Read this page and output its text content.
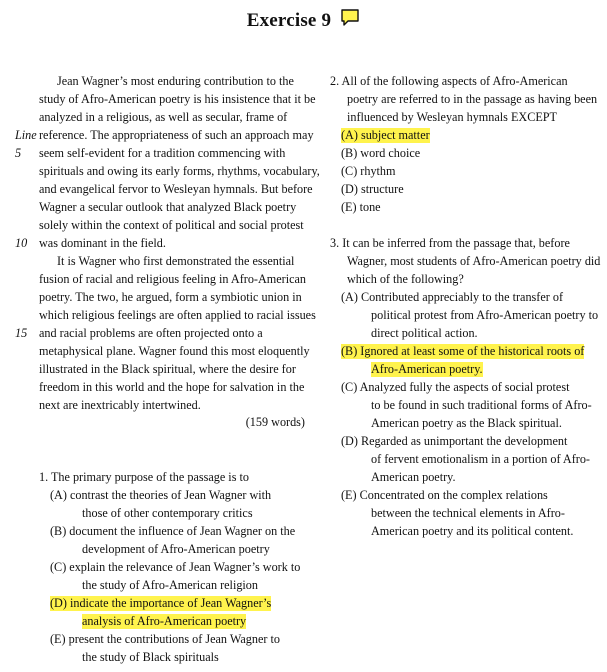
Exercise 9
Jean Wagner’s most enduring contribution to the
study of Afro-American poetry is his insistence that it be
analyzed in a religious, as well as secular, frame of
Line reference. The appropriateness of such an approach may
5 seem self-evident for a tradition commencing with
spirituals and owing its early forms, rhythms, vocabulary,
and evangelical fervor to Wesleyan hymnals. But before
Wagner a secular outlook that analyzed Black poetry
solely within the context of political and social protest
10 was dominant in the field.
It is Wagner who first demonstrated the essential
fusion of racial and religious feeling in Afro-American
poetry. The two, he argued, form a symbiotic union in
which religious feelings are often applied to racial issues
15 and racial problems are often projected onto a
metaphysical plane. Wagner found this most eloquently
illustrated in the Black spiritual, where the desire for
freedom in this world and the hope for salvation in the
next are inextricably intertwined.
(159 words)
1. The primary purpose of the passage is to
(A) contrast the theories of Jean Wagner with
those of other contemporary critics
(B) document the influence of Jean Wagner on the
development of Afro-American poetry
(C) explain the relevance of Jean Wagner’s work to
the study of Afro-American religion
(D) indicate the importance of Jean Wagner’s
analysis of Afro-American poetry
(E) present the contributions of Jean Wagner to
the study of Black spirituals
2. All of the following aspects of Afro-American
poetry are referred to in the passage as having been
influenced by Wesleyan hymnals EXCEPT
(A) subject matter
(B) word choice
(C) rhythm
(D) structure
(E) tone
3. It can be inferred from the passage that, before
Wagner, most students of Afro-American poetry did
which of the following?
(A) Contributed appreciably to the transfer of
political protest from Afro-American poetry to
direct political action.
(B) Ignored at least some of the historical roots of
Afro-American poetry.
(C) Analyzed fully the aspects of social protest
to be found in such traditional forms of Afro-
American poetry as the Black spiritual.
(D) Regarded as unimportant the development
of fervent emotionalism in a portion of Afro-
American poetry.
(E) Concentrated on the complex relations
between the technical elements in Afro-
American poetry and its political content.
